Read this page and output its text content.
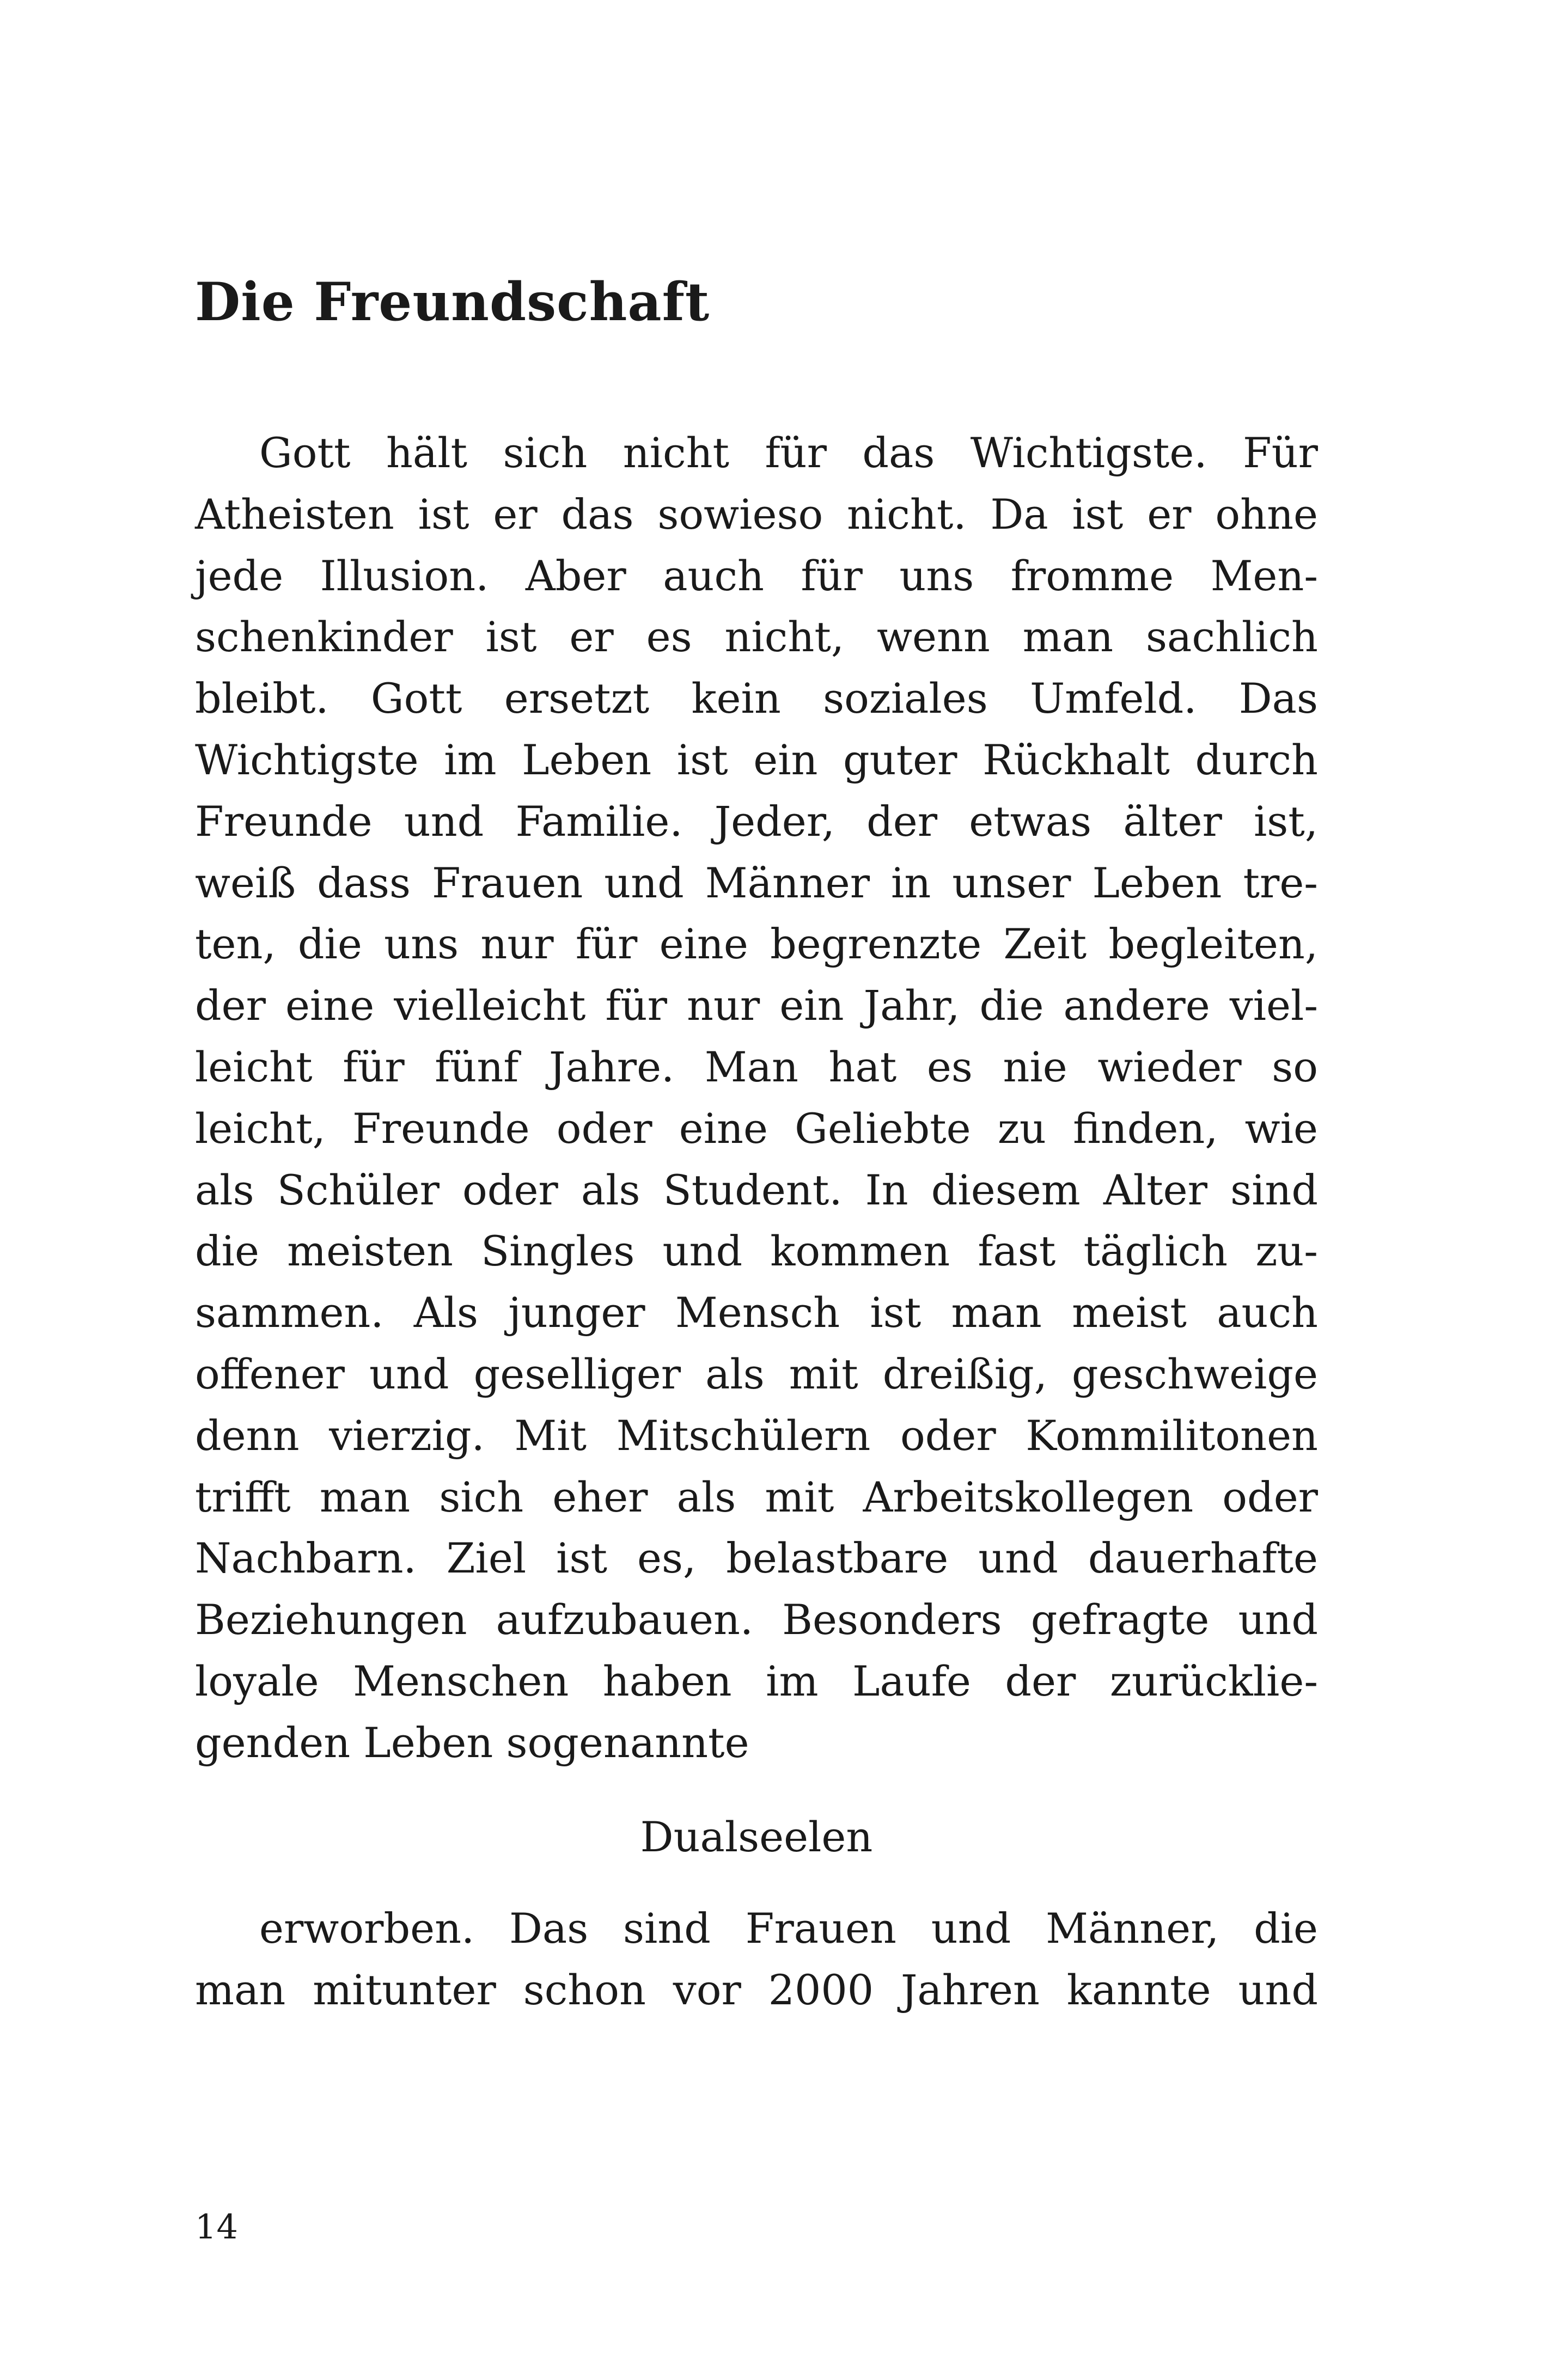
Die Freundschaft
Gott hält sich nicht für das Wichtigste. Für
Atheisten ist er das sowieso nicht. Da ist er ohne
jede Illusion. Aber auch für uns fromme Men-
schenkinder ist er es nicht, wenn man sachlich
bleibt. Gott ersetzt kein soziales Umfeld. Das
Wichtigste im Leben ist ein guter Rückhalt durch
Freunde und Familie. Jeder, der etwas älter ist,
weiß dass Frauen und Männer in unser Leben tre-
ten, die uns nur für eine begrenzte Zeit begleiten,
der eine vielleicht für nur ein Jahr, die andere viel-
leicht für fünf Jahre. Man hat es nie wieder so
leicht, Freunde oder eine Geliebte zu finden, wie
als Schüler oder als Student. In diesem Alter sind
die meisten Singles und kommen fast täglich zu-
sammen. Als junger Mensch ist man meist auch
offener und geselliger als mit dreißig, geschweige
denn vierzig. Mit Mitschülern oder Kommilitonen
trifft man sich eher als mit Arbeitskollegen oder
Nachbarn. Ziel ist es, belastbare und dauerhafte
Beziehungen aufzubauen. Besonders gefragte und
loyale Menschen haben im Laufe der zurücklie-
genden Leben sogenannte
Dualseelen
erworben. Das sind Frauen und Männer, die
man mitunter schon vor 2000 Jahren kannte und
14
